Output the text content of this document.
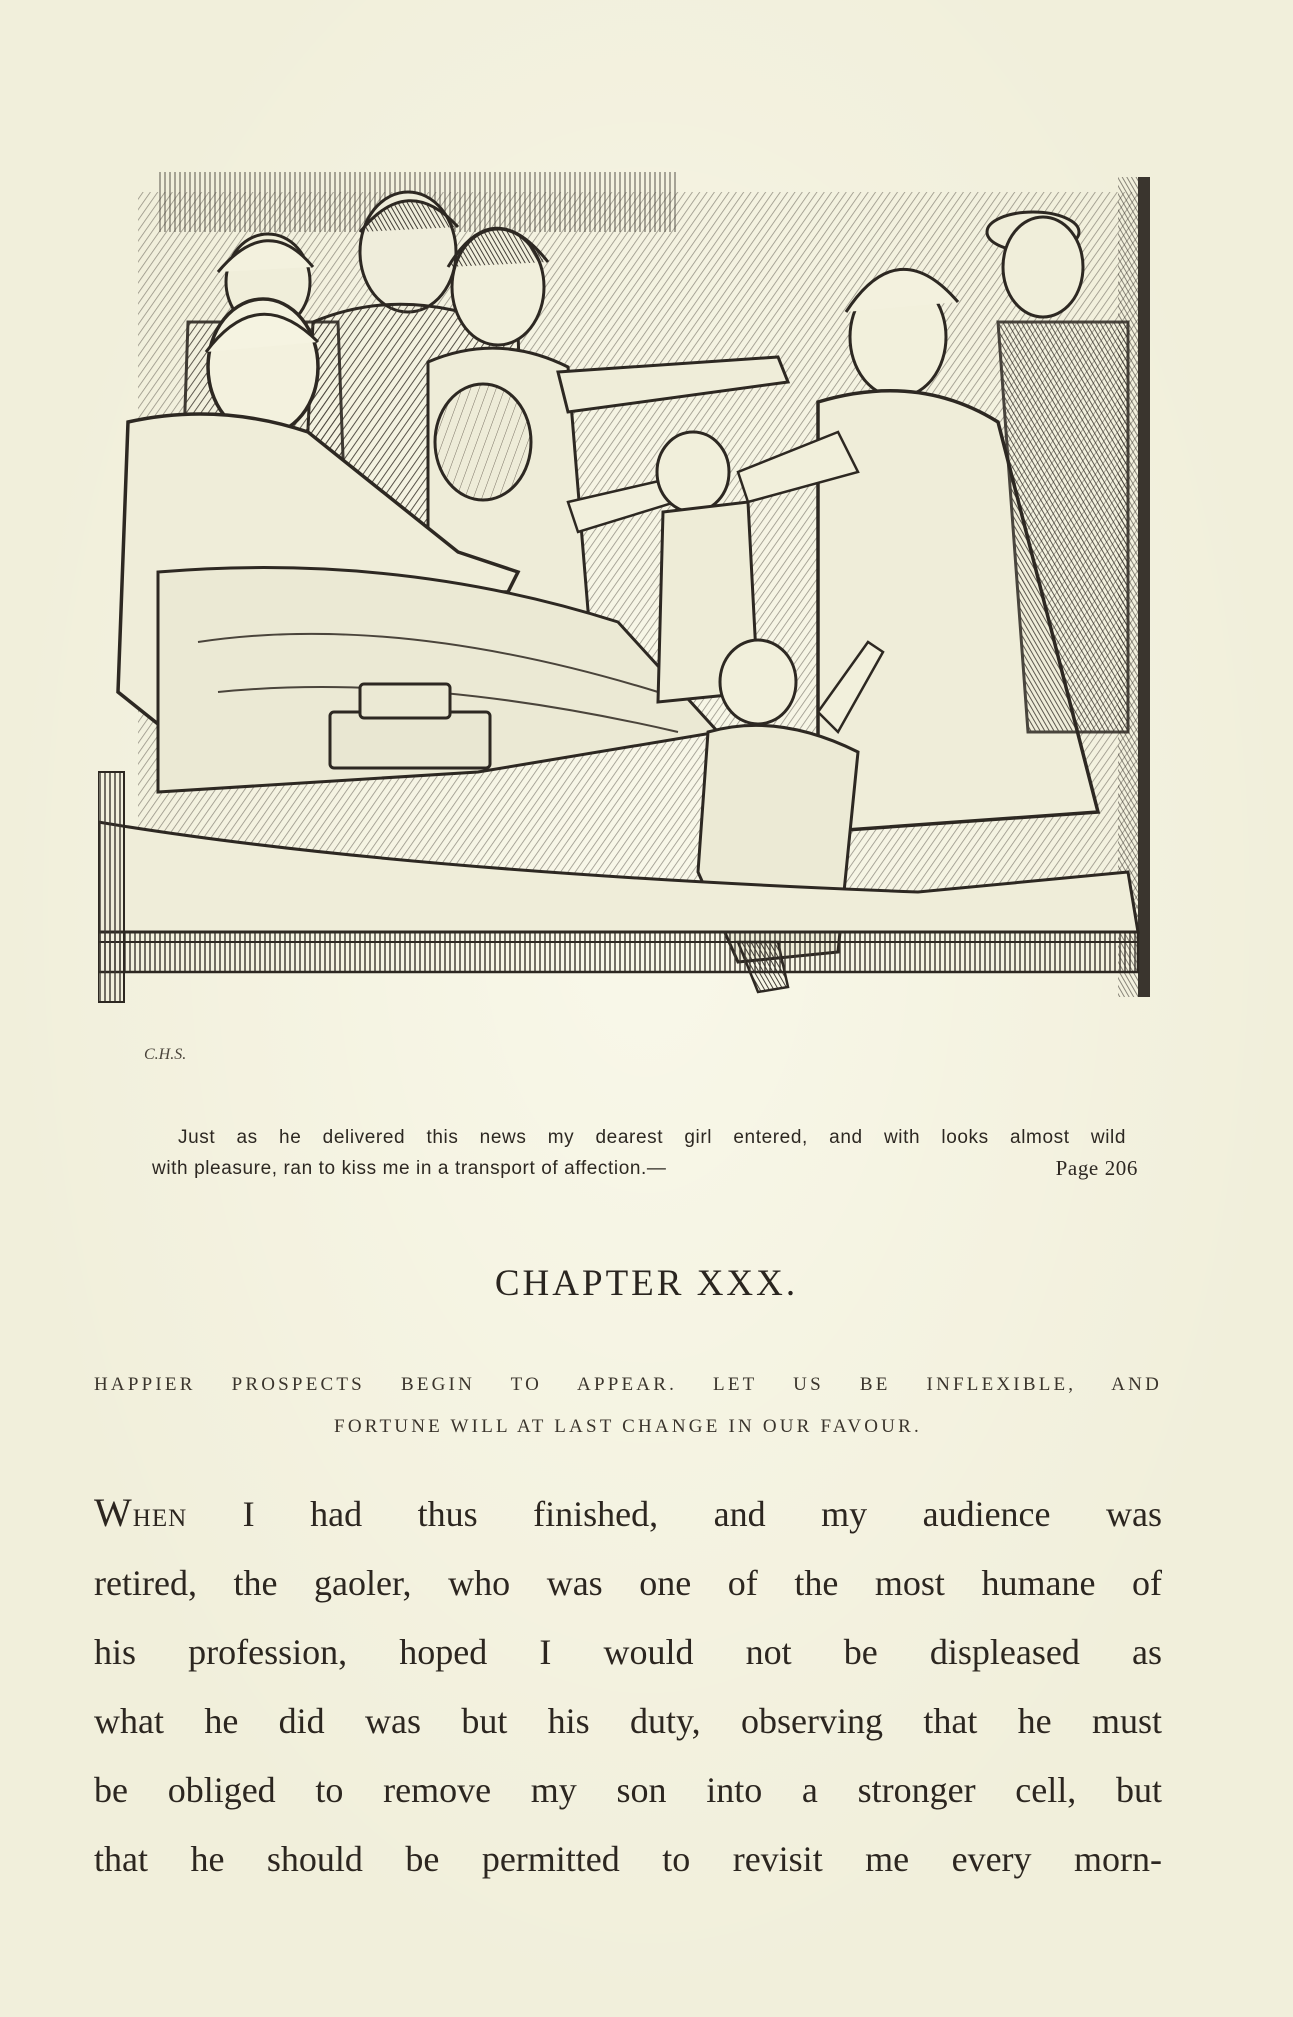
C.H.S.
Just as he delivered this news my dearest girl entered, and with looks almost wild
with pleasure, ran to kiss me in a transport of affection.—	Page 206
CHAPTER XXX.
HAPPIER PROSPECTS BEGIN TO APPEAR. LET US BE INFLEXIBLE, AND
FORTUNE WILL AT LAST CHANGE IN OUR FAVOUR.
When I had thus finished, and my audience was
retired, the gaoler, who was one of the most humane of
his profession, hoped I would not be displeased as
what he did was but his duty, observing that he must
be obliged to remove my son into a stronger cell, but
that he should be permitted to revisit me every morn-
